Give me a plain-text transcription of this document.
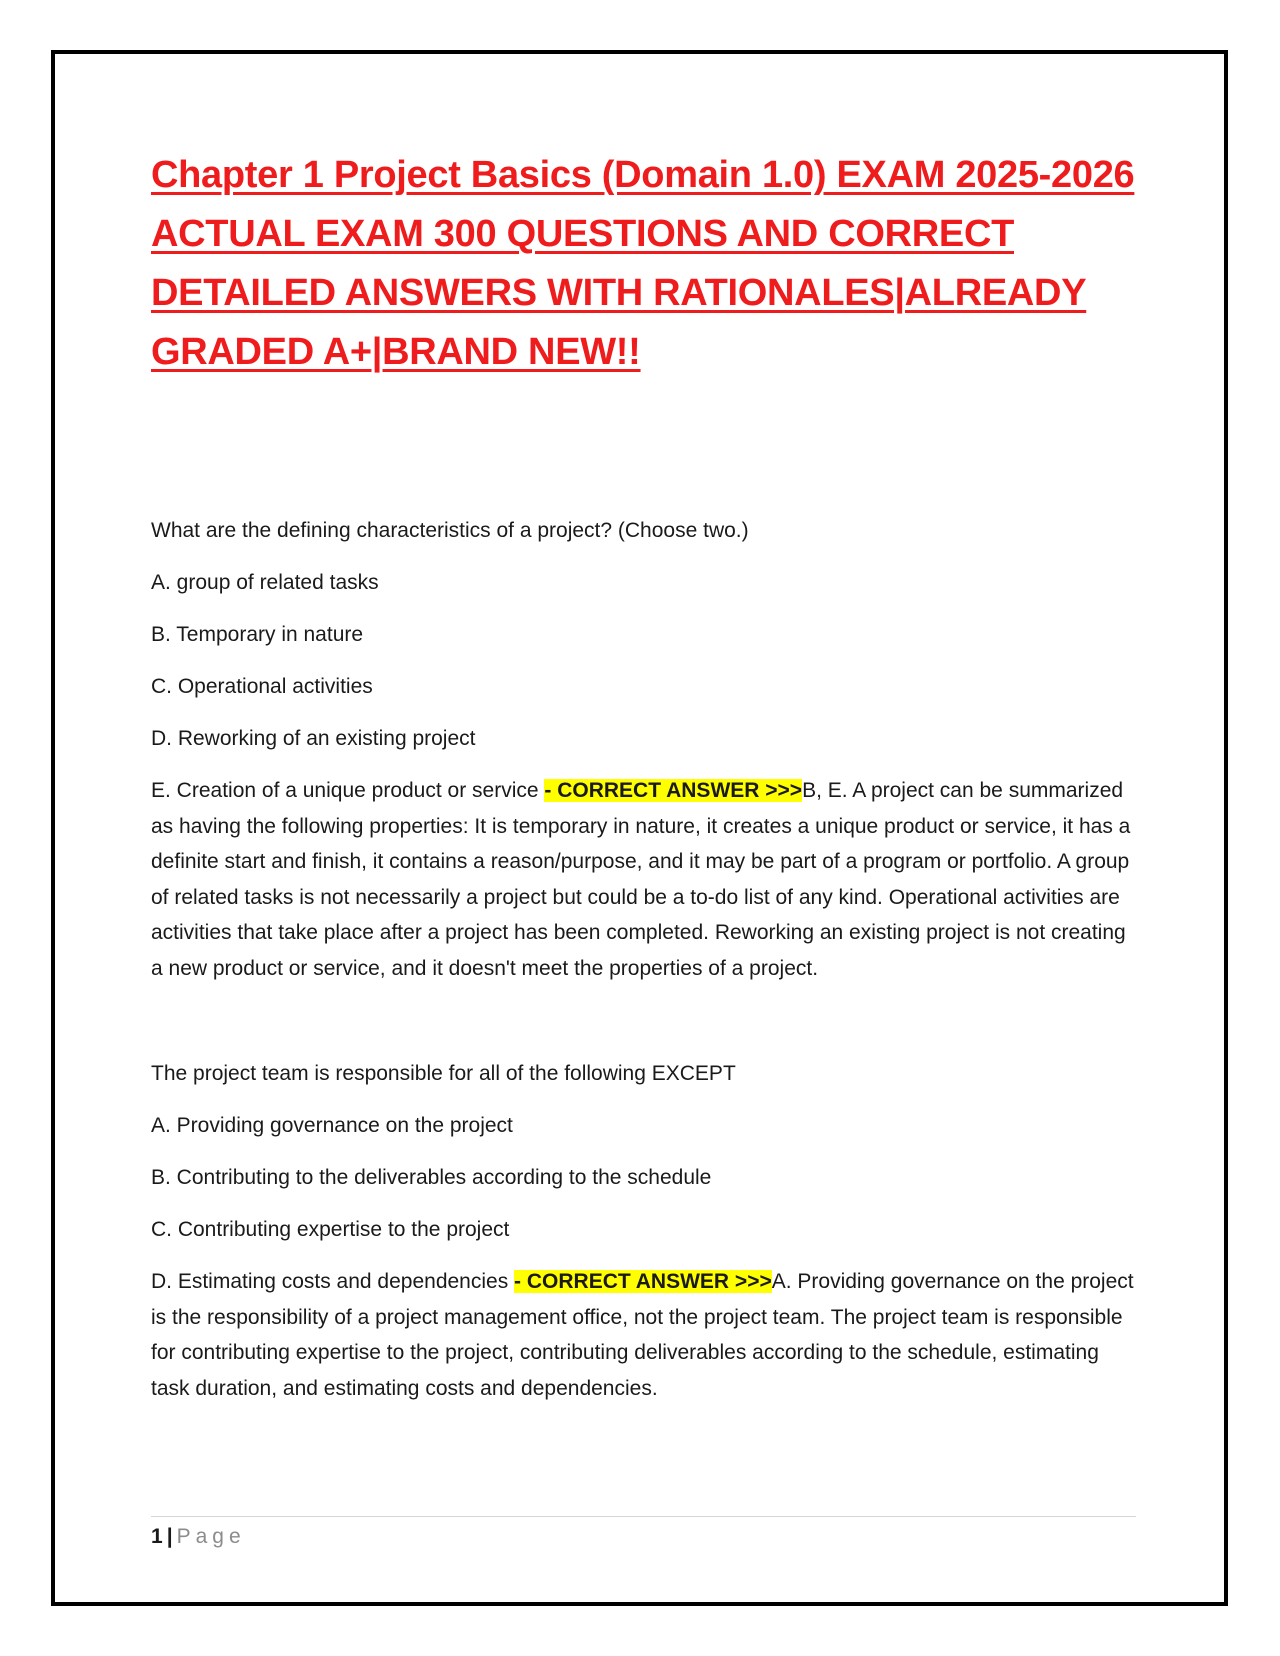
Chapter 1 Project Basics (Domain 1.0) EXAM 2025-2026 ACTUAL EXAM 300 QUESTIONS AND CORRECT DETAILED ANSWERS WITH RATIONALES|ALREADY GRADED A+|BRAND NEW!!

What are the defining characteristics of a project? (Choose two.)

A. group of related tasks

B. Temporary in nature

C. Operational activities

D. Reworking of an existing project

E. Creation of a unique product or service - CORRECT ANSWER >>>B, E. A project can be summarized as having the following properties: It is temporary in nature, it creates a unique product or service, it has a definite start and finish, it contains a reason/purpose, and it may be part of a program or portfolio. A group of related tasks is not necessarily a project but could be a to-do list of any kind. Operational activities are activities that take place after a project has been completed. Reworking an existing project is not creating a new product or service, and it doesn't meet the properties of a project.

The project team is responsible for all of the following EXCEPT

A. Providing governance on the project

B. Contributing to the deliverables according to the schedule

C. Contributing expertise to the project

D. Estimating costs and dependencies - CORRECT ANSWER >>>A. Providing governance on the project is the responsibility of a project management office, not the project team. The project team is responsible for contributing expertise to the project, contributing deliverables according to the schedule, estimating task duration, and estimating costs and dependencies.

1 | Page
